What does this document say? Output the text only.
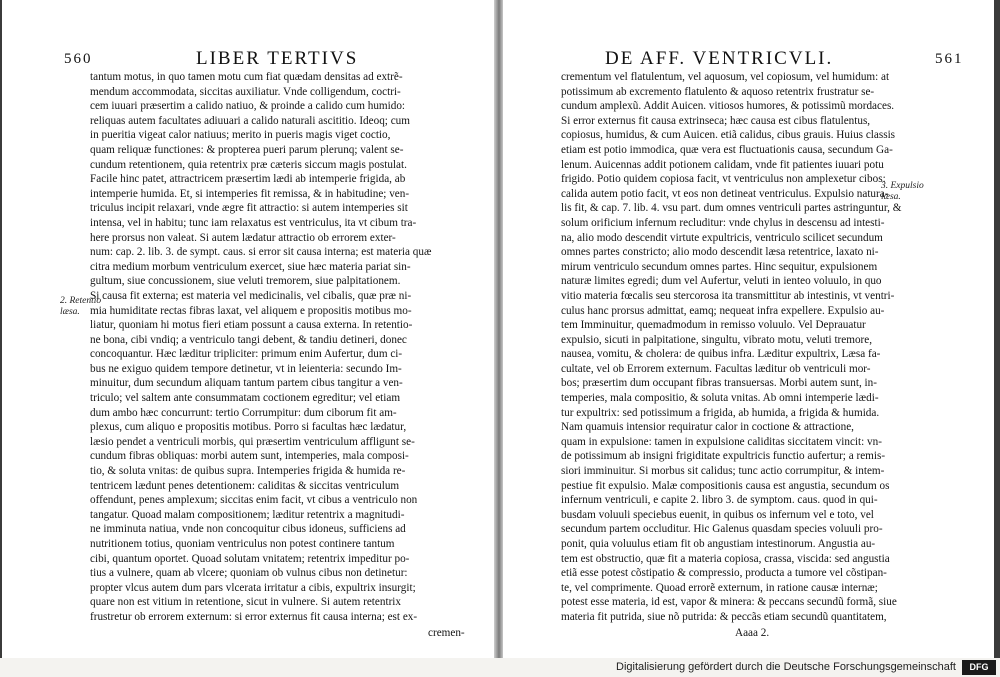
560	LIBER TERTIVS
tantum motus, in quo tamen motu cum fiat quædam densitas ad extrẽ-
mendum accommodata, siccitas auxiliatur. Vnde colligendum, coctri-
cem iuuari præsertim a calido natiuo, & proinde a calido cum humido:
reliquas autem facultates adiuuari a calido naturali ascititio. Ideoq; cum
in pueritia vigeat calor natiuus; merito in pueris magis viget coctio,
quam reliquæ functiones: & propterea pueri parum plerunq; valent se-
cundum retentionem, quia retentrix præ cæteris siccum magis postulat.
Facile hinc patet, attractricem præsertim lædi ab intemperie frigida, ab
intemperie humida. Et, si intemperies fit remissa, & in habitudine; ven-
triculus incipit relaxari, vnde ægre fit attractio: si autem intemperies sit
intensa, vel in habitu; tunc iam relaxatus est ventriculus, ita vt cibum tra-
here prorsus non valeat. Si autem lædatur attractio ob errorem exter-
num: cap. 2. lib. 3. de sympt. caus. si error sit causa interna; est materia quæ
citra medium morbum ventriculum exercet, siue hæc materia pariat sin-
gultum, siue concussionem, siue veluti tremorem, siue palpitationem.
Si causa fit externa; est materia vel medicinalis, vel cibalis, quæ præ ni-
mia humiditate rectas fibras laxat, vel aliquem e propositis motibus mo-
liatur, quoniam hi motus fieri etiam possunt a causa externa. In retentio-
ne bona, cibi vndiq; a ventriculo tangi debent, & tandiu detineri, donec
concoquantur. Hæc læditur tripliciter: primum enim Aufertur, dum ci-
bus ne exiguo quidem tempore detinetur, vt in leienteria: secundo Im-
minuitur, dum secundum aliquam tantum partem cibus tangitur a ven-
triculo; vel saltem ante consummatam coctionem egreditur; vel etiam
dum ambo hæc concurrunt: tertio Corrumpitur: dum ciborum fit am-
plexus, cum aliquo e propositis motibus. Porro si facultas hæc lædatur,
læsio pendet a ventriculi morbis, qui præsertim ventriculum affligunt se-
cundum fibras obliquas: morbi autem sunt, intemperies, mala composi-
tio, & soluta vnitas: de quibus supra. Intemperies frigida & humida re-
tentricem lædunt penes detentionem: caliditas & siccitas ventriculum
offendunt, penes amplexum; siccitas enim facit, vt cibus a ventriculo non
tangatur. Quoad malam compositionem; læditur retentrix a magnitudi-
ne imminuta natiua, vnde non concoquitur cibus idoneus, sufficiens ad
nutritionem totius, quoniam ventriculus non potest continere tantum
cibi, quantum oportet. Quoad solutam vnitatem; retentrix impeditur po-
tius a vulnere, quam ab vlcere; quoniam ob vulnus cibus non detinetur:
propter vlcus autem dum pars vlcerata irritatur a cibis, expultrix insurgit;
quare non est vitium in retentione, sicut in vulnere. Si autem retentrix
frustretur ob errorem externum: si error externus fit causa interna; est ex-
cremen-
2. Retentio
læsa.
DE AFF. VENTRICVLI.	561
crementum vel flatulentum, vel aquosum, vel copiosum, vel humidum: at
potissimum ab excremento flatulento & aquoso retentrix frustratur se-
cundum amplexũ. Addit Auicen. vitiosos humores, & potissimũ mordaces.
Si error externus fit causa extrinseca; hæc causa est cibus flatulentus,
copiosus, humidus, & cum Auicen. etiã calidus, cibus grauis. Huius classis
etiam est potio immodica, quæ vera est fluctuationis causa, secundum Ga-
lenum. Auicennas addit potionem calidam, vnde fit patientes iuuari potu
frigido. Potio quidem copiosa facit, vt ventriculus non amplexetur cibos:
calida autem potio facit, vt eos non detineat ventriculus. Expulsio natura-
lis fit, & cap. 7. lib. 4. vsu part. dum omnes ventriculi partes astringuntur, &
solum orificium infernum recluditur: vnde chylus in descensu ad intesti-
na, alio modo descendit virtute expultricis, ventriculo scilicet secundum
omnes partes constricto; alio modo descendit læsa retentrice, laxato ni-
mirum ventriculo secundum omnes partes. Hinc sequitur, expulsionem
naturæ limites egredi; dum vel Aufertur, veluti in ienteo voluulo, in quo
vitio materia fœcalis seu stercorosa ita transmittitur ab intestinis, vt ventri-
culus hanc prorsus admittat, eamq; nequeat infra expellere. Expulsio au-
tem Imminuitur, quemadmodum in remisso voluulo. Vel Deprauatur
expulsio, sicuti in palpitatione, singultu, vibrato motu, veluti tremore,
nausea, vomitu, & cholera: de quibus infra. Læditur expultrix, Læsa fa-
cultate, vel ob Errorem externum. Facultas læditur ob ventriculi mor-
bos; præsertim dum occupant fibras transuersas. Morbi autem sunt, in-
temperies, mala compositio, & soluta vnitas. Ab omni intemperie lædi-
tur expultrix: sed potissimum a frigida, ab humida, a frigida & humida.
Nam quamuis intensior requiratur calor in coctione & attractione,
quam in expulsione: tamen in expulsione caliditas siccitatem vincit: vn-
de potissimum ab insigni frigiditate expultricis functio aufertur; a remis-
siori imminuitur. Si morbus sit calidus; tunc actio corrumpitur, & intem-
pestiue fit expulsio. Malæ compositionis causa est angustia, secundum os
infernum ventriculi, e capite 2. libro 3. de symptom. caus. quod in qui-
busdam voluuli speciebus euenit, in quibus os infernum vel e toto, vel
secundum partem occluditur. Hic Galenus quasdam species voluuli pro-
ponit, quia voluulus etiam fit ob angustiam intestinorum. Angustia au-
tem est obstructio, quæ fit a materia copiosa, crassa, viscida: sed angustia
etiã esse potest cõstipatio & compressio, producta a tumore vel cõstipan-
te, vel comprimente. Quoad errorẽ externum, in ratione causæ internæ;
potest esse materia, id est, vapor & minera: & peccans secundũ formã, siue
materia fit putrida, siue nõ putrida: & peccãs etiam secundũ quantitatem,
Aaaa 2.
3. Expulsio
læsa.
Digitalisierung gefördert durch die Deutsche Forschungsgemeinschaft	DFG
